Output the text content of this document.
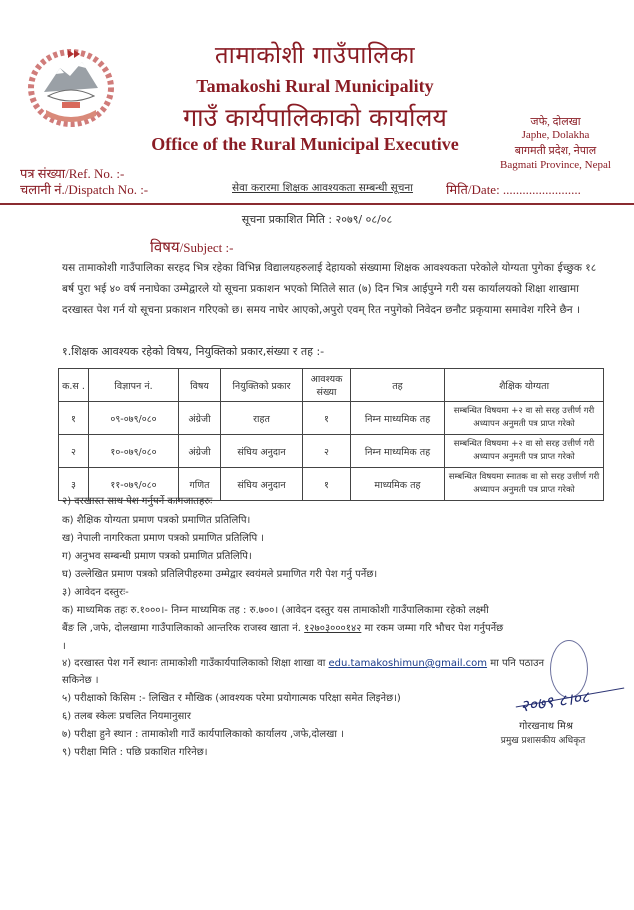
तामाकोशी गाउँपालिका
Tamakoshi Rural Municipality
गाउँ कार्यपालिकाको कार्यालय
Office of the Rural Municipal Executive
जफे, दोलखा
Japhe, Dolakha
बागमती प्रदेश, नेपाल
Bagmati Province, Nepal
पत्र संख्या/Ref. No. :-
चलानी नं./Dispatch No. :-	सेवा करारमा शिक्षक आवश्यकता सम्बन्धी सूचना	मिति/Date: ........................
सूचना प्रकाशित मिति : २०७९/ ०८/०८
विषय/Subject :-
यस तामाकोशी गाउँपालिका सरहद भित्र रहेका विभिन्न विद्यालयहरुलाई देहायको संख्यामा शिक्षक आवश्यकता परेकोले योग्यता पुगेका ईच्छुक १८ बर्ष पुरा भई ४० वर्ष ननाघेका उम्मेद्वारले यो सूचना प्रकाशन भएको मितिले सात (७) दिन भित्र आईपुग्ने गरी यस कार्यालयको शिक्षा शाखामा दरखास्त पेश गर्न यो सूचना प्रकाशन गरिएको छ। समय नाघेर आएको,अपुरो एवम् रित नपुगेको निवेदन छनौट प्रकृयामा समावेश गरिने छैन ।
१.शिक्षक आवश्यक रहेको विषय, नियुक्तिको प्रकार,संख्या र तह :-
क.स .	विज्ञापन नं.	विषय	नियुक्तिको प्रकार	आवश्यक संख्या	तह	शैक्षिक योग्यता
१	०९-०७९/०८०	अंग्रेजी	राहत	१	निम्न माध्यमिक तह	सम्बन्धित विषयमा +२ वा सो सरह उत्तीर्ण गरी अध्यापन अनुमती पत्र प्राप्त गरेको
२	१०-०७९/०८०	अंग्रेजी	संघिय अनुदान	२	निम्न माध्यमिक तह	सम्बन्धित विषयमा +२ वा सो सरह उत्तीर्ण गरी अध्यापन अनुमती पत्र प्राप्त गरेको
३	११-०७९/०८०	गणित	संघिय अनुदान	१	माध्यमिक तह	सम्बन्धित विषयमा स्नातक वा सो सरह उत्तीर्ण गरी अध्यापन अनुमती पत्र प्राप्त गरेको
२) दरखास्त साथ पेश गर्नुपर्ने कागजातहरुः
क) शैक्षिक योग्यता प्रमाण पत्रको प्रमाणित प्रतिलिपि।
ख) नेपाली नागरिकता प्रमाण पत्रको प्रमाणित प्रतिलिपि ।
ग) अनुभव सम्बन्धी प्रमाण पत्रको प्रमाणित प्रतिलिपि।
घ) उल्लेखित प्रमाण पत्रको प्रतिलिपीहरुमा उम्मेद्वार स्वयंमले प्रमाणित गरी पेश गर्नु पर्नेछ।
३) आवेदन दस्तुरः-
क) माध्यमिक तहः रु.१०००।- निम्न माध्यमिक तह : रु.७००। (आवेदन दस्तुर यस तामाकोशी गाउँपालिकामा रहेको लक्ष्मी
बैंङ लि ,जफे, दोलखामा गाउँपालिकाको आन्तरिक राजस्व खाता नं. १२७०३०००१४२ मा रकम जम्मा गरि भौचर पेश गर्नुपर्नेछ
।
४) दरखास्त पेश गर्ने स्थानः तामाकोशी गाउँकार्यपालिकाको शिक्षा शाखा वा edu.tamakoshimun@gmail.com मा पनि पठाउन
सकिनेछ ।
५) परीक्षाको किसिम :- लिखित र मौखिक (आवश्यक परेमा प्रयोगात्मक परिक्षा समेत लिइनेछ।)
६) तलब स्केलः प्रचलित नियमानुसार
७) परीक्षा हुने स्थान : तामाकोशी गाउँ कार्यपालिकाको कार्यालय ,जफे,दोलखा ।
९) परीक्षा मिति : पछि प्रकाशित गरिनेछ।
२०७९ ८।०८
गोरखनाथ मिश्र
प्रमुख प्रशासकीय अधिकृत
